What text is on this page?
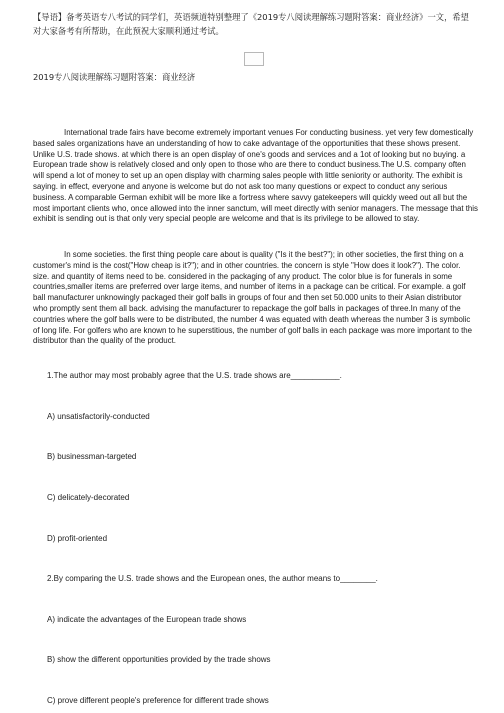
【导语】备考英语专八考试的同学们，英语频道特别整理了《2019专八阅读理解练习题附答案：商业经济》一文，希望对大家备考有所帮助，在此预祝大家顺利通过考试。
2019专八阅读理解练习题附答案：商业经济
International trade fairs have become extremely important venues For conducting business. yet very few domestically based sales organizations have an understanding of how to cake advantage of the opportunities that these shows present. Unlike U.S. trade shows. at which there is an open display of one's goods and services and a 1ot of looking but no buying. a European trade show is relatively closed and only open to those who are there to conduct business.The U.S. company often will spend a lot of money to set up an open display with charming sales people with little seniority or authority. The exhibit is saying. in effect, everyone and anyone is welcome but do not ask too many questions or expect to conduct any serious business. A comparable German exhibit will be more like a fortress where savvy gatekeepers will quickly weed out all but the most important clients who, once allowed into the inner sanctum, will meet directly with senior managers. The message that this exhibit is sending out is that only very special people are welcome and that is its privilege to be allowed to stay.
In some societies. the first thing people care about is quality ("Is it the best?"); in other societies, the first thing on a customer's mind is the cost("How cheap is it?"); and in other countries. the concern is style "How does it look?"). The color. size. and quantity of items need to be. considered in the packaging of any product. The color blue is for funerals in some countries,smaller items are preferred over large items, and number of items in a package can be critical. For example. a golf ball manufacturer unknowingly packaged their golf balls in groups of four and then set 50.000 units to their Asian distributor who promptly sent them all back. advising the manufacturer to repackage the golf balls in packages of three.In many of the countries where the golf balls were to be distributed, the number 4 was equated with death whereas the number 3 is symbolic of long life. For golfers who are known to he superstitious, the number of golf balls in each package was more important to the distributor than the quality of the product.
1.The author may most probably agree that the U.S. trade shows are___________.
A) unsatisfactorily-conducted
B) businessman-targeted
C) delicately-decorated
D) profit-oriented
2.By comparing the U.S. trade shows and the European ones, the author means to________.
A) indicate the advantages of the European trade shows
B) show the different opportunities provided by the trade shows
C) prove different people's preference for different trade shows
